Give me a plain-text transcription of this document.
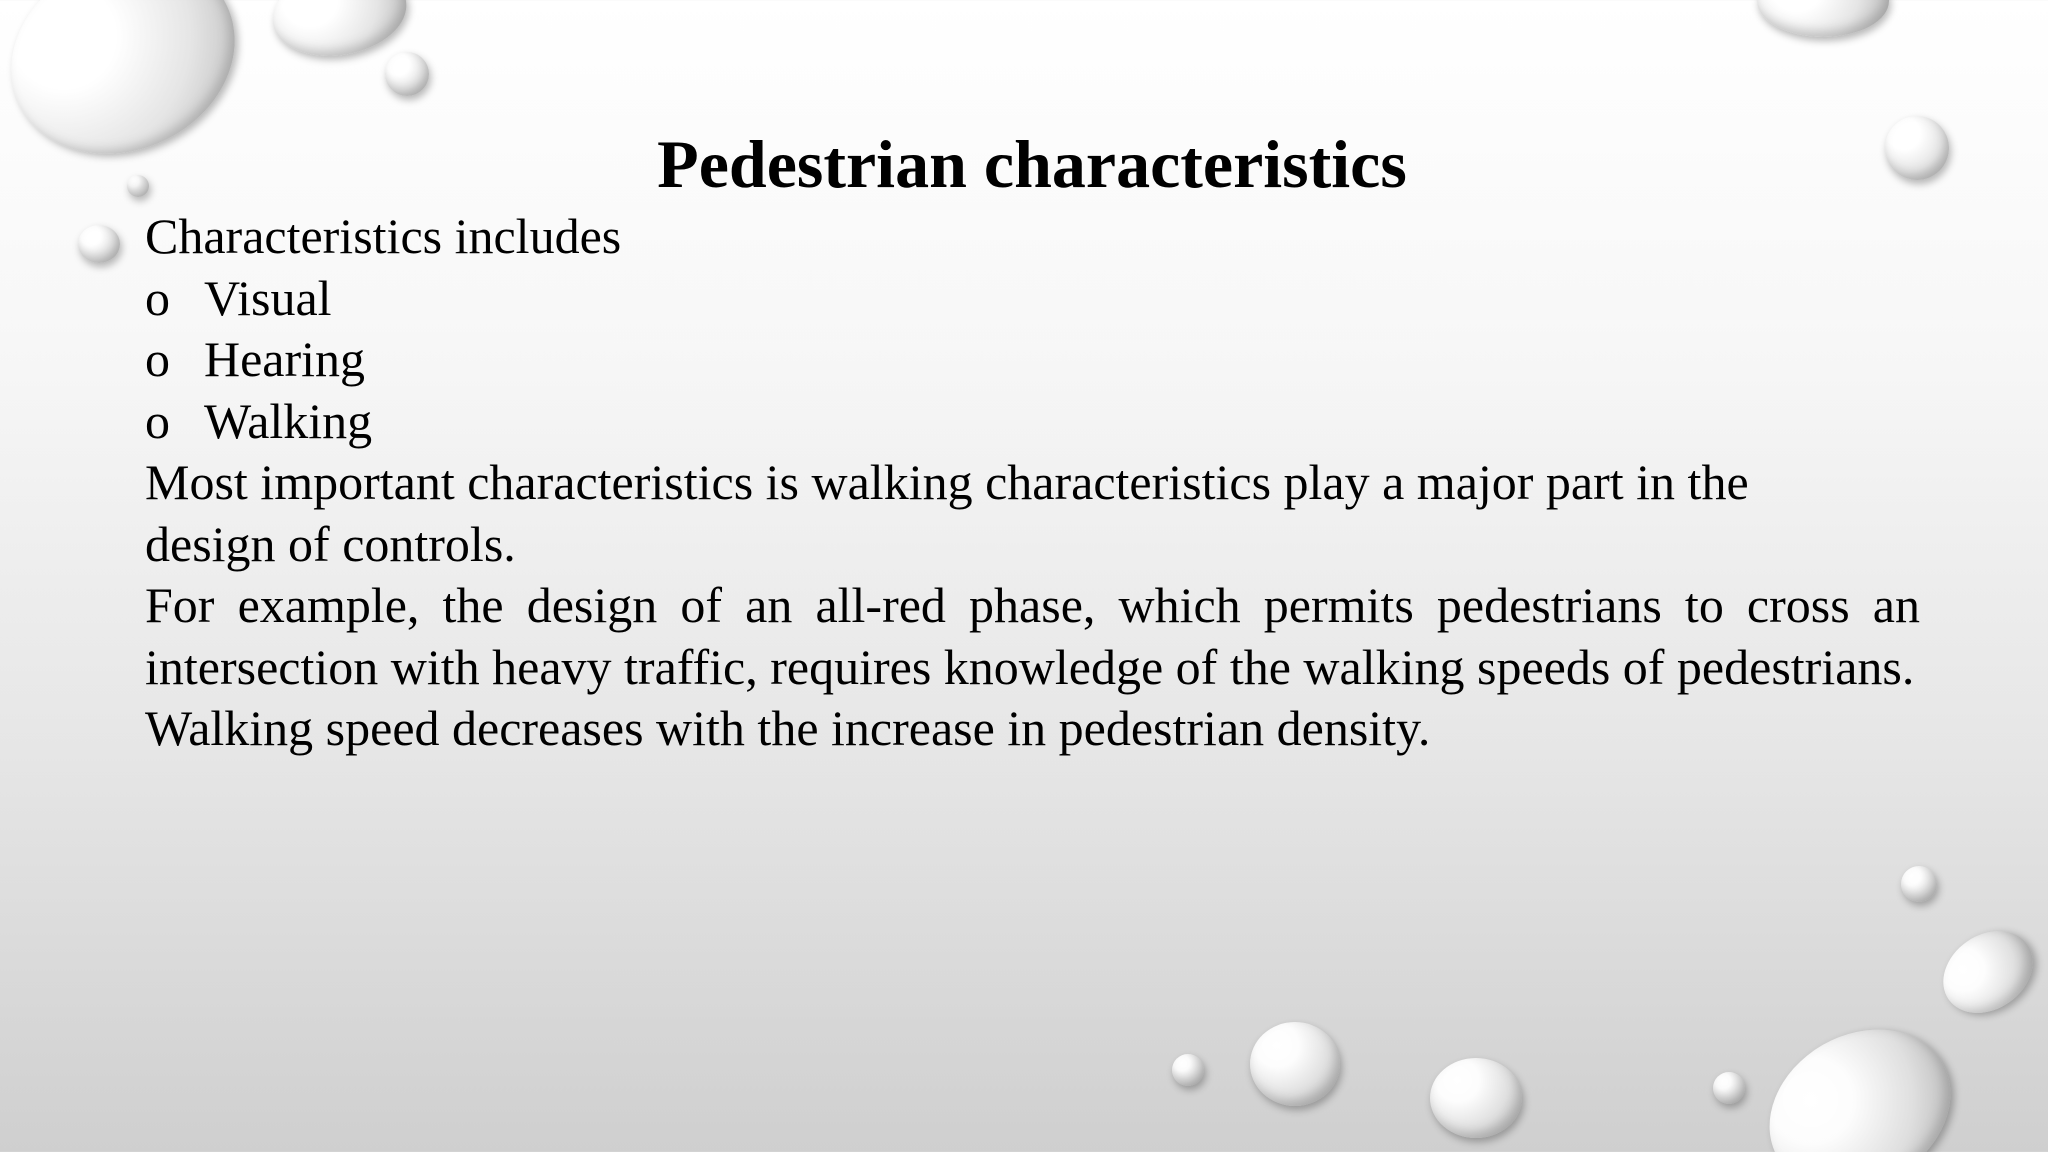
Pedestrian characteristics
Characteristics includes
o Visual
o Hearing
o Walking
Most important characteristics is walking characteristics play a major part in the design of controls.
For example, the design of an all-red phase, which permits pedestrians to cross an intersection with heavy traffic, requires knowledge of the walking speeds of pedestrians.
Walking speed decreases with the increase in pedestrian density.
